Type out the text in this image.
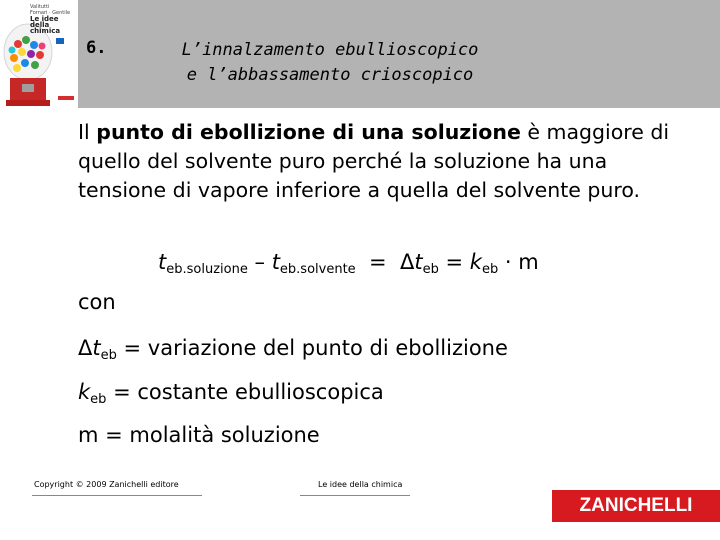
Valitutti
Fornari · Gentile
Le idee della
chimica
6.	L’innalzamento ebullioscopico
e l’abbassamento crioscopico
Il punto di ebollizione di una soluzione è maggiore di quello del solvente puro perché la soluzione ha una tensione di vapore inferiore a quella del solvente puro.
$t_{eb.soluzione} - t_{eb.solvente} = \Delta t_{eb} = k_{eb} \cdot m$
con
$\Delta t_{eb}$ = variazione del punto di ebollizione
$k_{eb}$ = costante ebullioscopica
m = molalità soluzione
Copyright © 2009 Zanichelli editore	Le idee della chimica
ZANICHELLI
